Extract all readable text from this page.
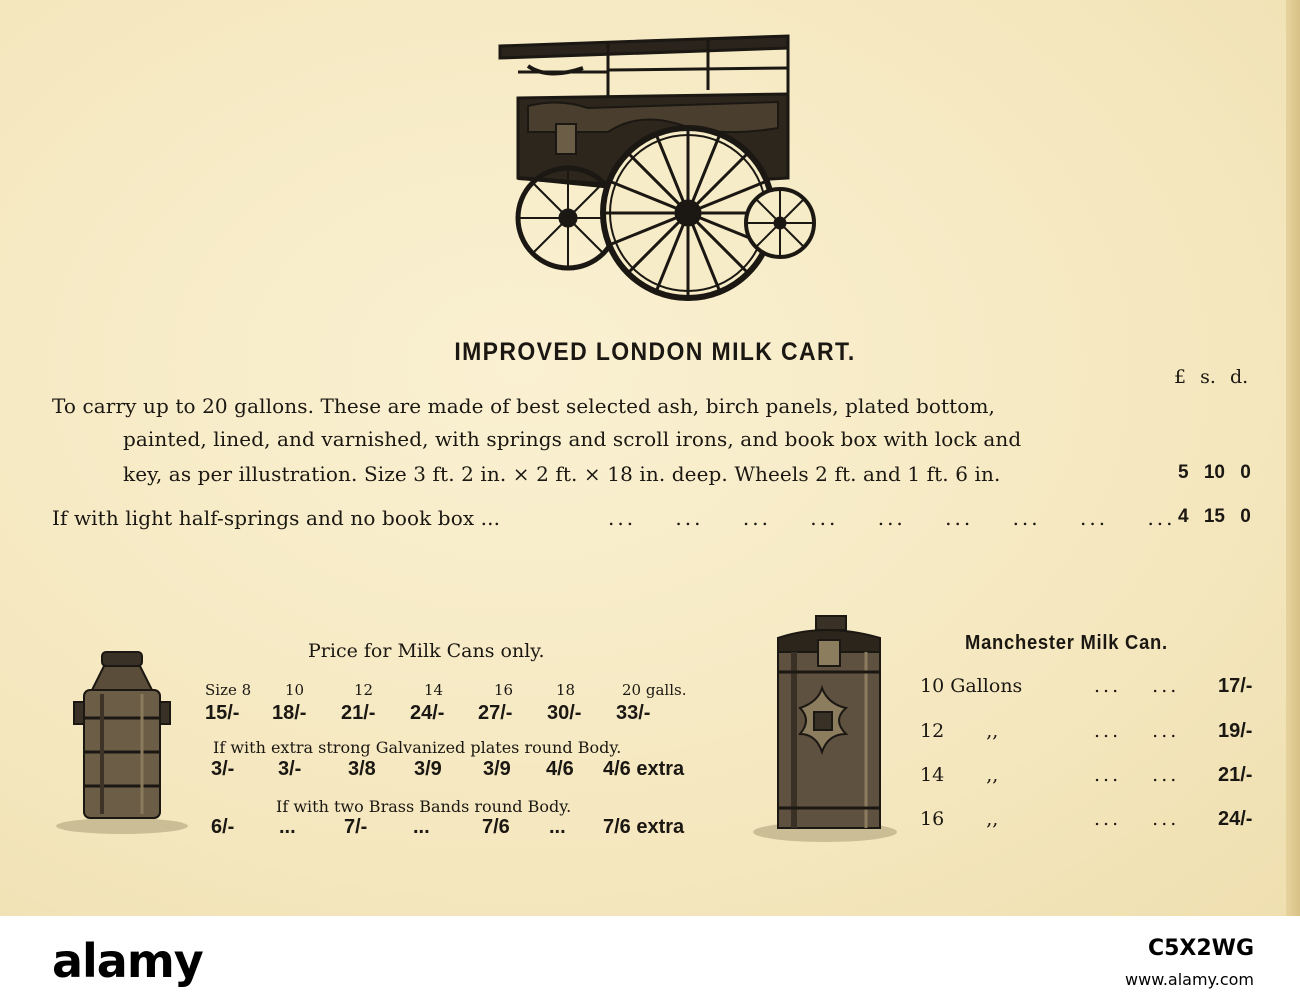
IMPROVED LONDON MILK CART.
£ s. d.
To carry up to 20 gallons. These are made of best selected ash, birch panels, plated bottom,
painted, lined, and varnished, with springs and scroll irons, and book box with lock and
key, as per illustration. Size 3 ft. 2 in. × 2 ft. × 18 in. deep. Wheels 2 ft. and 1 ft. 6 in.	5 10 0
If with light half-springs and no book box ...	... ... ... ... ... ... ... ... ... 4 15 0
Price for Milk Cans only.
Size 8 10	12	14	16	18	20 galls.
15/- 18/- 21/- 24/- 27/- 30/- 33/-
If with extra strong Galvanized plates round Body.
3/- 3/- 3/8 3/9 3/9 4/6 4/6 extra
If with two Brass Bands round Body.
6/- ... 7/- ...	7/6 ... 7/6 extra
Manchester Milk Can.
10 Gallons	... ... 17/-
12 ,,	... ... 19/-
14 ,,	... ... 21/-
16 ,,	... ... 24/-
alamy	C5X2WG
www.alamy.com
